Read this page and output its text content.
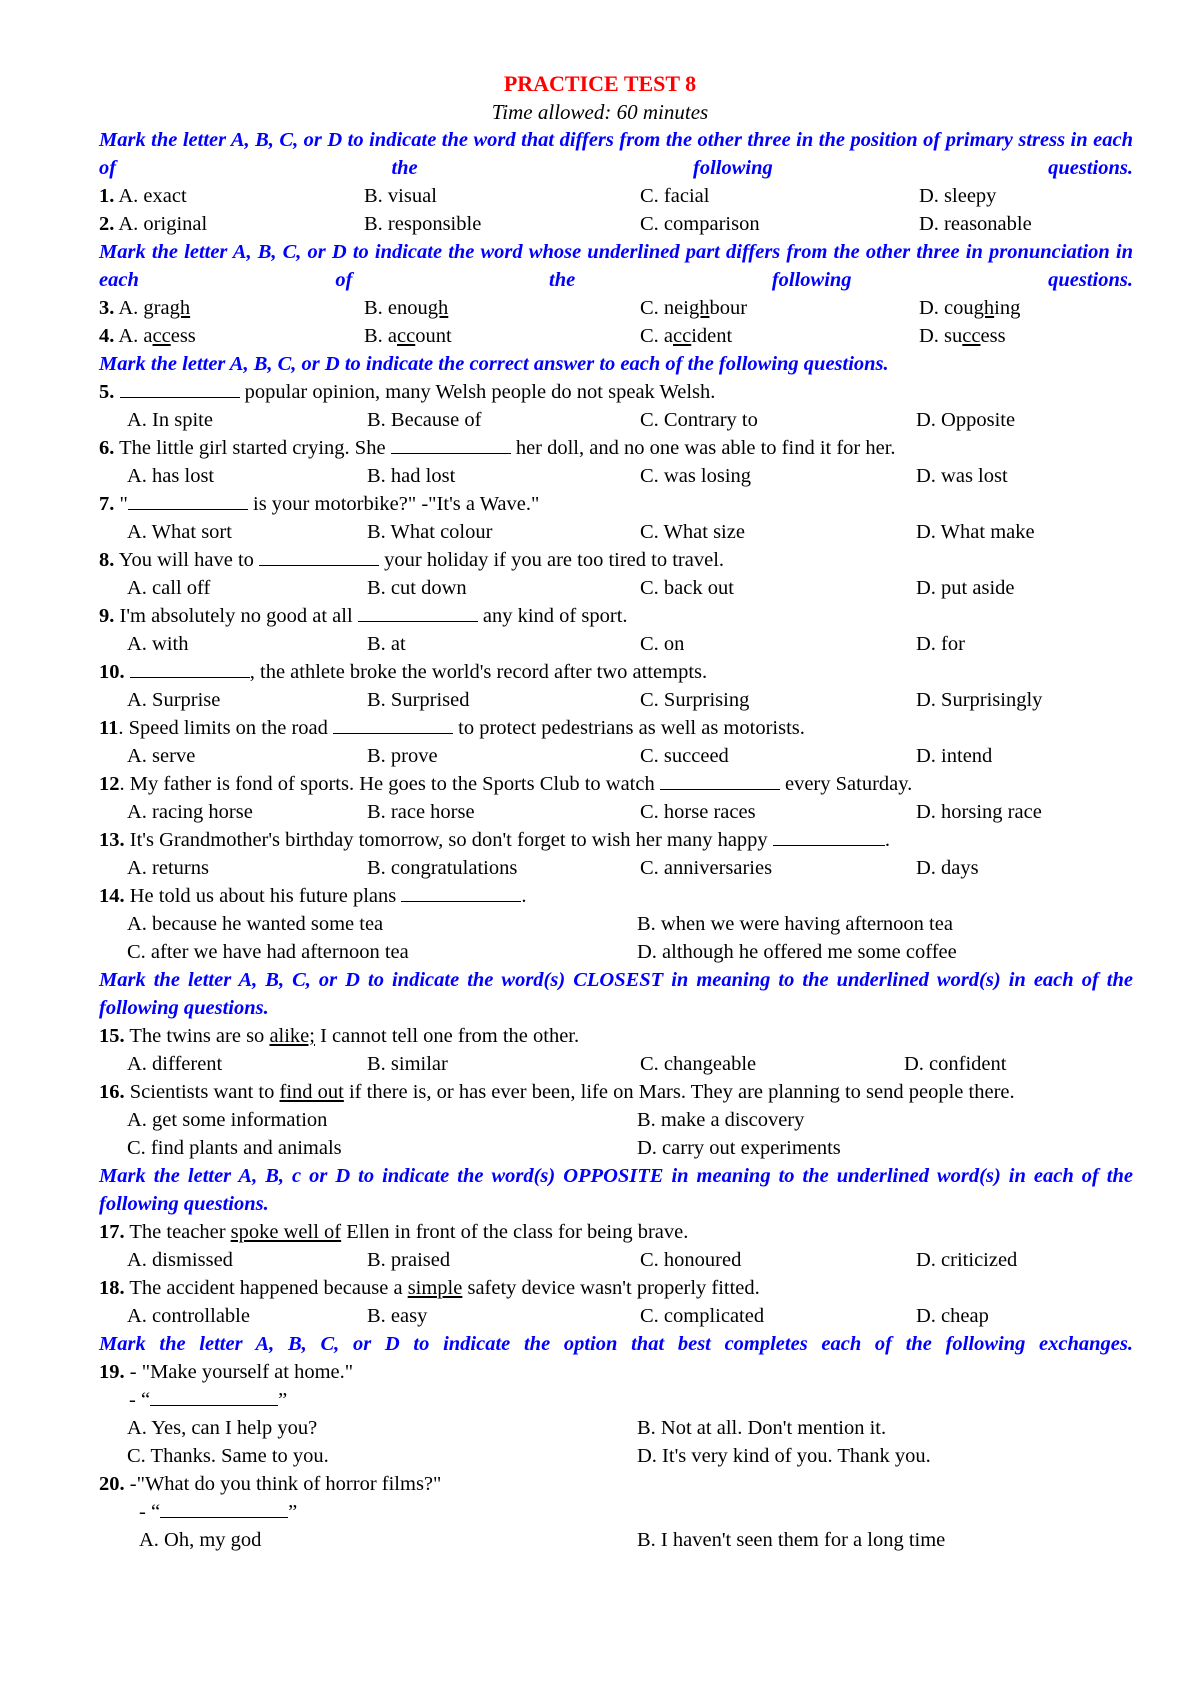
PRACTICE TEST 8
Time allowed: 60 minutes
Mark the letter A, B, C, or D to indicate the word that differs from the other three in the position of primary stress in each of the following questions.
1. A. exact	B. visual	C. facial	D. sleepy
2. A. original	B. responsible	C. comparison	D. reasonable
Mark the letter A, B, C, or D to indicate the word whose underlined part differs from the other three in pronunciation in each of the following questions.
3. A. gragh	B. enough	C. neighbour	D. coughing
4. A. access	B. account	C. accident	D. success
Mark the letter A, B, C, or D to indicate the correct answer to each of the following questions.
5.	popular opinion, many Welsh people do not speak Welsh.
A. In spite	B. Because of	C. Contrary to	D. Opposite
6. The little girl started crying. She	her doll, and no one was able to find it for her.
A. has lost	B. had lost	C. was losing	D. was lost
7. "	is your motorbike?" -"It's a Wave."
A. What sort	B. What colour	C. What size	D. What make
8. You will have to	your holiday if you are too tired to travel.
A. call off	B. cut down	C. back out	D. put aside
9. I'm absolutely no good at all	any kind of sport.
A. with	B. at	C. on	D. for
10.	, the athlete broke the world's record after two attempts.
A. Surprise	B. Surprised	C. Surprising	D. Surprisingly
11. Speed limits on the road	to protect pedestrians as well as motorists.
A. serve	B. prove	C. succeed	D. intend
12. My father is fond of sports. He goes to the Sports Club to watch	every Saturday.
A. racing horse	B. race horse	C. horse races	D. horsing race
13. It's Grandmother's birthday tomorrow, so don't forget to wish her many happy	.
A. returns	B. congratulations	C. anniversaries	D. days
14. He told us about his future plans	.
A. because he wanted some tea	B. when we were having afternoon tea
C. after we have had afternoon tea	D. although he offered me some coffee
Mark the letter A, B, C, or D to indicate the word(s) CLOSEST in meaning to the underlined word(s) in each of the following questions.
15. The twins are so alike; I cannot tell one from the other.
A. different	B. similar	C. changeable	D. confident
16. Scientists want to find out if there is, or has ever been, life on Mars. They are planning to send people there.
A. get some information	B. make a discovery
C. find plants and animals	D. carry out experiments
Mark the letter A, B, c or D to indicate the word(s) OPPOSITE in meaning to the underlined word(s) in each of the following questions.
17. The teacher spoke well of Ellen in front of the class for being brave.
A. dismissed	B. praised	C. honoured	D. criticized
18. The accident happened because a simple safety device wasn't properly fitted.
A. controllable	B. easy	C. complicated	D. cheap
Mark the letter A, B, C, or D to indicate the option that best completes each of the following exchanges.
19. - "Make yourself at home."
- “	”
A. Yes, can I help you?	B. Not at all. Don't mention it.
C. Thanks. Same to you.	D. It's very kind of you. Thank you.
20. -"What do you think of horror films?"
- “	”
A. Oh, my god	B. I haven't seen them for a long time
